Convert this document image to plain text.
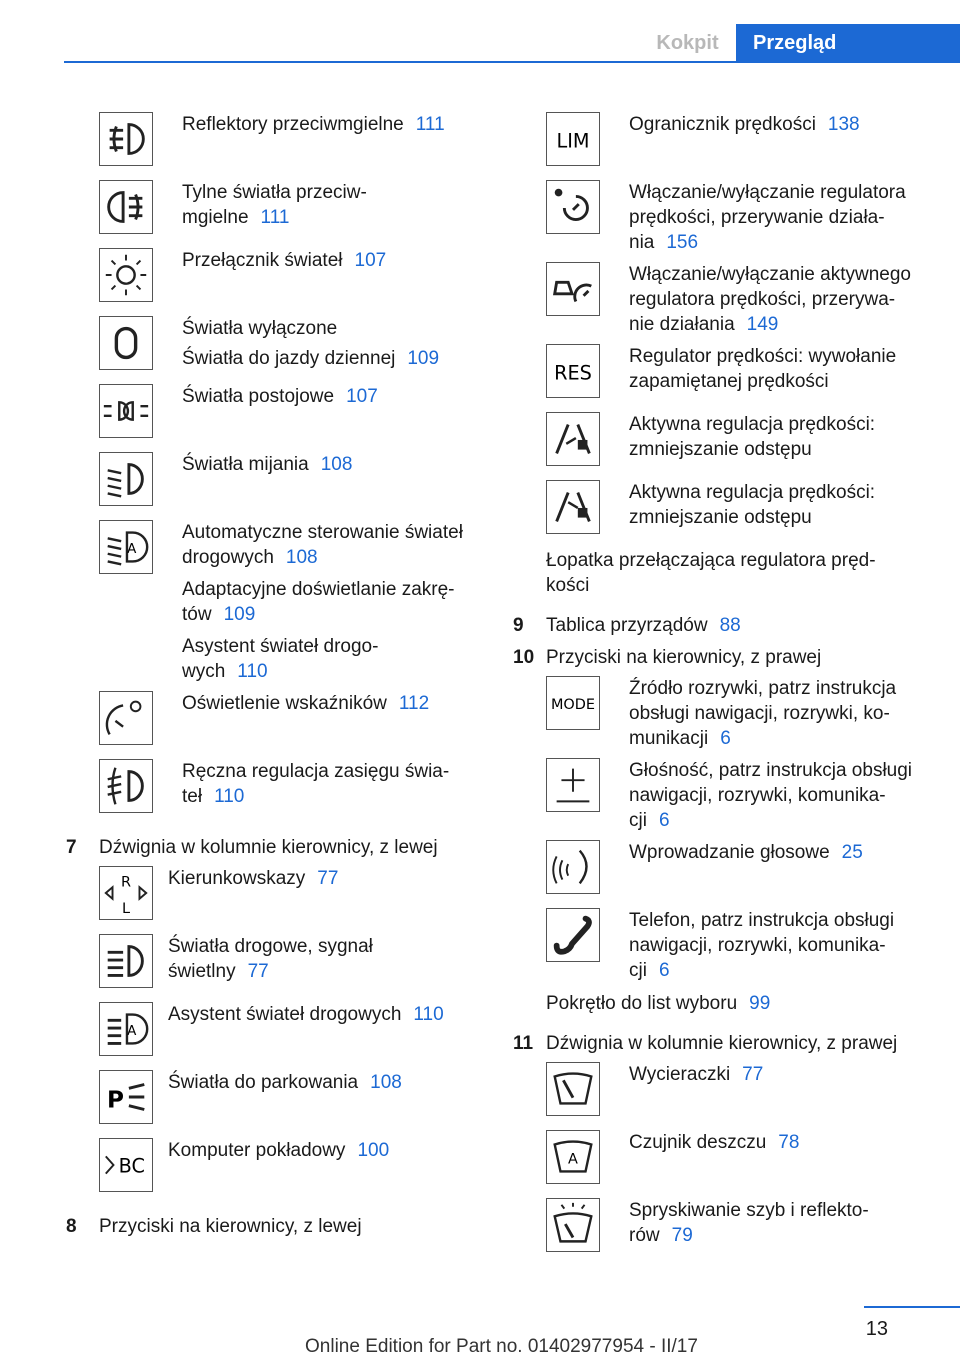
Kokpit	Przegląd
Reflektory przeciwmgielne 111
Tylne światła przeciw-
mgielne 111
Przełącznik świateł 107
Światła wyłączone
Światła do jazdy dziennej 109
Światła postojowe 107
Światła mijania 108
A
Automatyczne sterowanie świateł
drogowych 108
Adaptacyjne doświetlanie zakrę-
tów 109
Asystent świateł drogo-
wych 110
Oświetlenie wskaźników 112
Ręczna regulacja zasięgu świa-
teł 110
7 Dźwignia w kolumnie kierownicy, z lewej
R
L
Kierunkowskazy 77
Światła drogowe, sygnał
świetlny 77
A
Asystent świateł drogowych 110
P
Światła do parkowania 108
BC
Komputer pokładowy 100
8 Przyciski na kierownicy, z lewej
LIM
Ogranicznik prędkości 138
Włączanie/wyłączanie regulatora
prędkości, przerywanie działa-
nia 156
Włączanie/wyłączanie aktywnego
regulatora prędkości, przerywa-
nie działania 149
RES
Regulator prędkości: wywołanie
zapamiętanej prędkości
Aktywna regulacja prędkości:
zmniejszanie odstępu
Aktywna regulacja prędkości:
zmniejszanie odstępu
Łopatka przełączająca regulatora pręd-
kości
9 Tablica przyrządów 88
10 Przyciski na kierownicy, z prawej
MODE
Źródło rozrywki, patrz instrukcja
obsługi nawigacji, rozrywki, ko-
munikacji 6
Głośność, patrz instrukcja obsługi
nawigacji, rozrywki, komunika-
cji 6
Wprowadzanie głosowe 25
Telefon, patrz instrukcja obsługi
nawigacji, rozrywki, komunika-
cji 6
Pokrętło do list wyboru 99
11 Dźwignia w kolumnie kierownicy, z prawej
Wycieraczki 77
A
Czujnik deszczu 78
Spryskiwanie szyb i reflekto-
rów 79
13
Online Edition for Part no. 01402977954 - II/17
